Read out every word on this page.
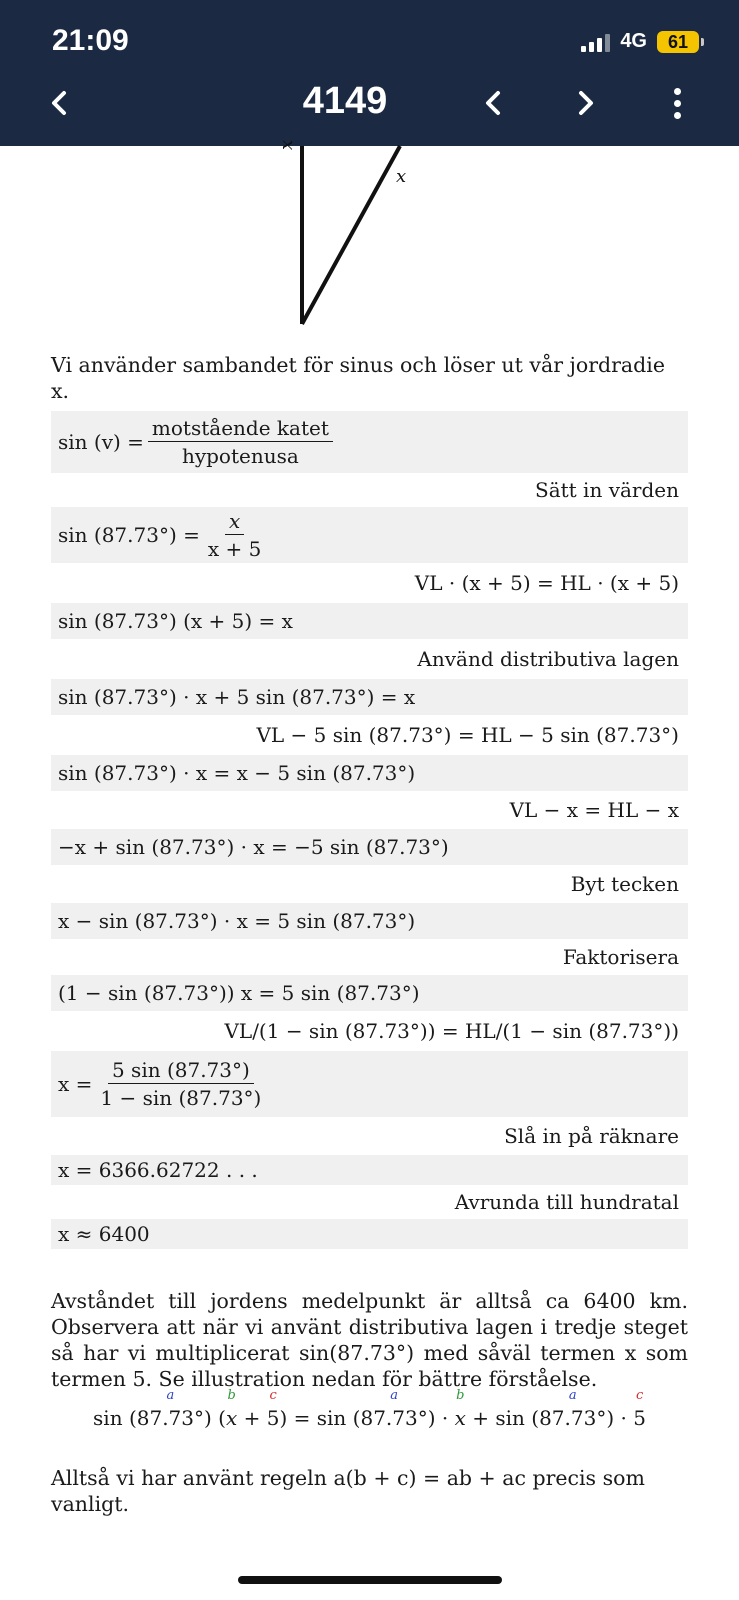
21:09	4G	61
4149
x
x
Vi använder sambandet för sinus och löser ut vår jordradie x.
$\sin (v) = \frac{\text{motstående katet}}{\text{hypotenusa}}$
Sätt in värden
$\sin (87.73^\circ) = \frac{x}{x + 5}$
VL · (x + 5) = HL · (x + 5)
sin (87.73°) (x + 5) = x
Använd distributiva lagen
sin (87.73°) · x + 5 sin (87.73°) = x
VL − 5 sin (87.73°) = HL − 5 sin (87.73°)
sin (87.73°) · x = x − 5 sin (87.73°)
VL − x = HL − x
−x + sin (87.73°) · x = −5 sin (87.73°)
Byt tecken
x − sin (87.73°) · x = 5 sin (87.73°)
Faktorisera
(1 − sin (87.73°)) x = 5 sin (87.73°)
VL/(1 − sin (87.73°)) = HL/(1 − sin (87.73°))
$x = \frac{5 \sin (87.73^\circ)}{1 - \sin (87.73^\circ)}$
Slå in på räknare
x = 6366.62722 . . .
Avrunda till hundratal
x ≈ 6400
Avståndet till jordens medelpunkt är alltså ca 6400 km. Observera att när vi använt distributiva lagen i tredje steget så har vi multiplicerat sin(87.73°) med såväl termen x som termen 5. Se illustration nedan för bättre förståelse.
sin (
a
87.73°) (
b
x +
c
5) = sin (
a
87.73°) ·
b
x + sin (
a
87.73°) ·
c
5
Alltså vi har använt regeln a(b + c) = ab + ac precis som vanligt.
